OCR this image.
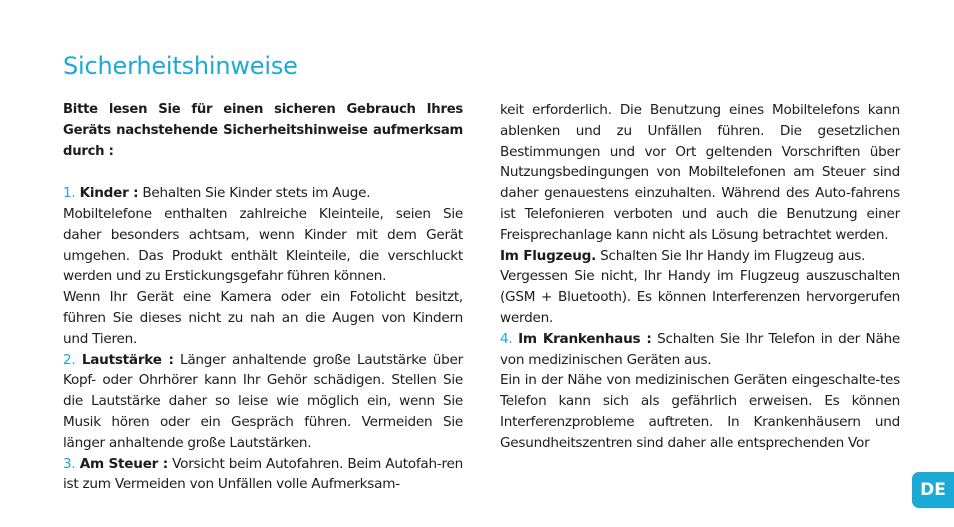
Sicherheitshinweise

Bitte lesen Sie für einen sicheren Gebrauch Ihres Geräts nachstehende Sicherheitshinweise aufmerksam durch :

1. Kinder : Behalten Sie Kinder stets im Auge.

Mobiltelefone enthalten zahlreiche Kleinteile, seien Sie daher besonders achtsam, wenn Kinder mit dem Gerät umgehen. Das Produkt enthält Kleinteile, die verschluckt werden und zu Erstickungsgefahr führen können.

Wenn Ihr Gerät eine Kamera oder ein Fotolicht besitzt, führen Sie dieses nicht zu nah an die Augen von Kindern und Tieren.

2. Lautstärke : Länger anhaltende große Lautstärke über Kopf- oder Ohrhörer kann Ihr Gehör schädigen. Stellen Sie die Lautstärke daher so leise wie möglich ein, wenn Sie Musik hören oder ein Gespräch führen. Vermeiden Sie länger anhaltende große Lautstärken.

3. Am Steuer : Vorsicht beim Autofahren. Beim Autofah-ren ist zum Vermeiden von Unfällen volle Aufmerksam-

keit erforderlich. Die Benutzung eines Mobiltelefons kann ablenken und zu Unfällen führen. Die gesetzlichen Bestimmungen und vor Ort geltenden Vorschriften über Nutzungsbedingungen von Mobiltelefonen am Steuer sind daher genauestens einzuhalten. Während des Auto-fahrens ist Telefonieren verboten und auch die Benutzung einer Freisprechanlage kann nicht als Lösung betrachtet werden.

Im Flugzeug. Schalten Sie Ihr Handy im Flugzeug aus.

Vergessen Sie nicht, Ihr Handy im Flugzeug auszuschalten (GSM + Bluetooth). Es können Interferenzen hervorgerufen werden.

4. Im Krankenhaus : Schalten Sie Ihr Telefon in der Nähe von medizinischen Geräten aus.

Ein in der Nähe von medizinischen Geräten eingeschalte-tes Telefon kann sich als gefährlich erweisen. Es können Interferenzprobleme auftreten. In Krankenhäusern und Gesundheitszentren sind daher alle entsprechenden Vor

DE
